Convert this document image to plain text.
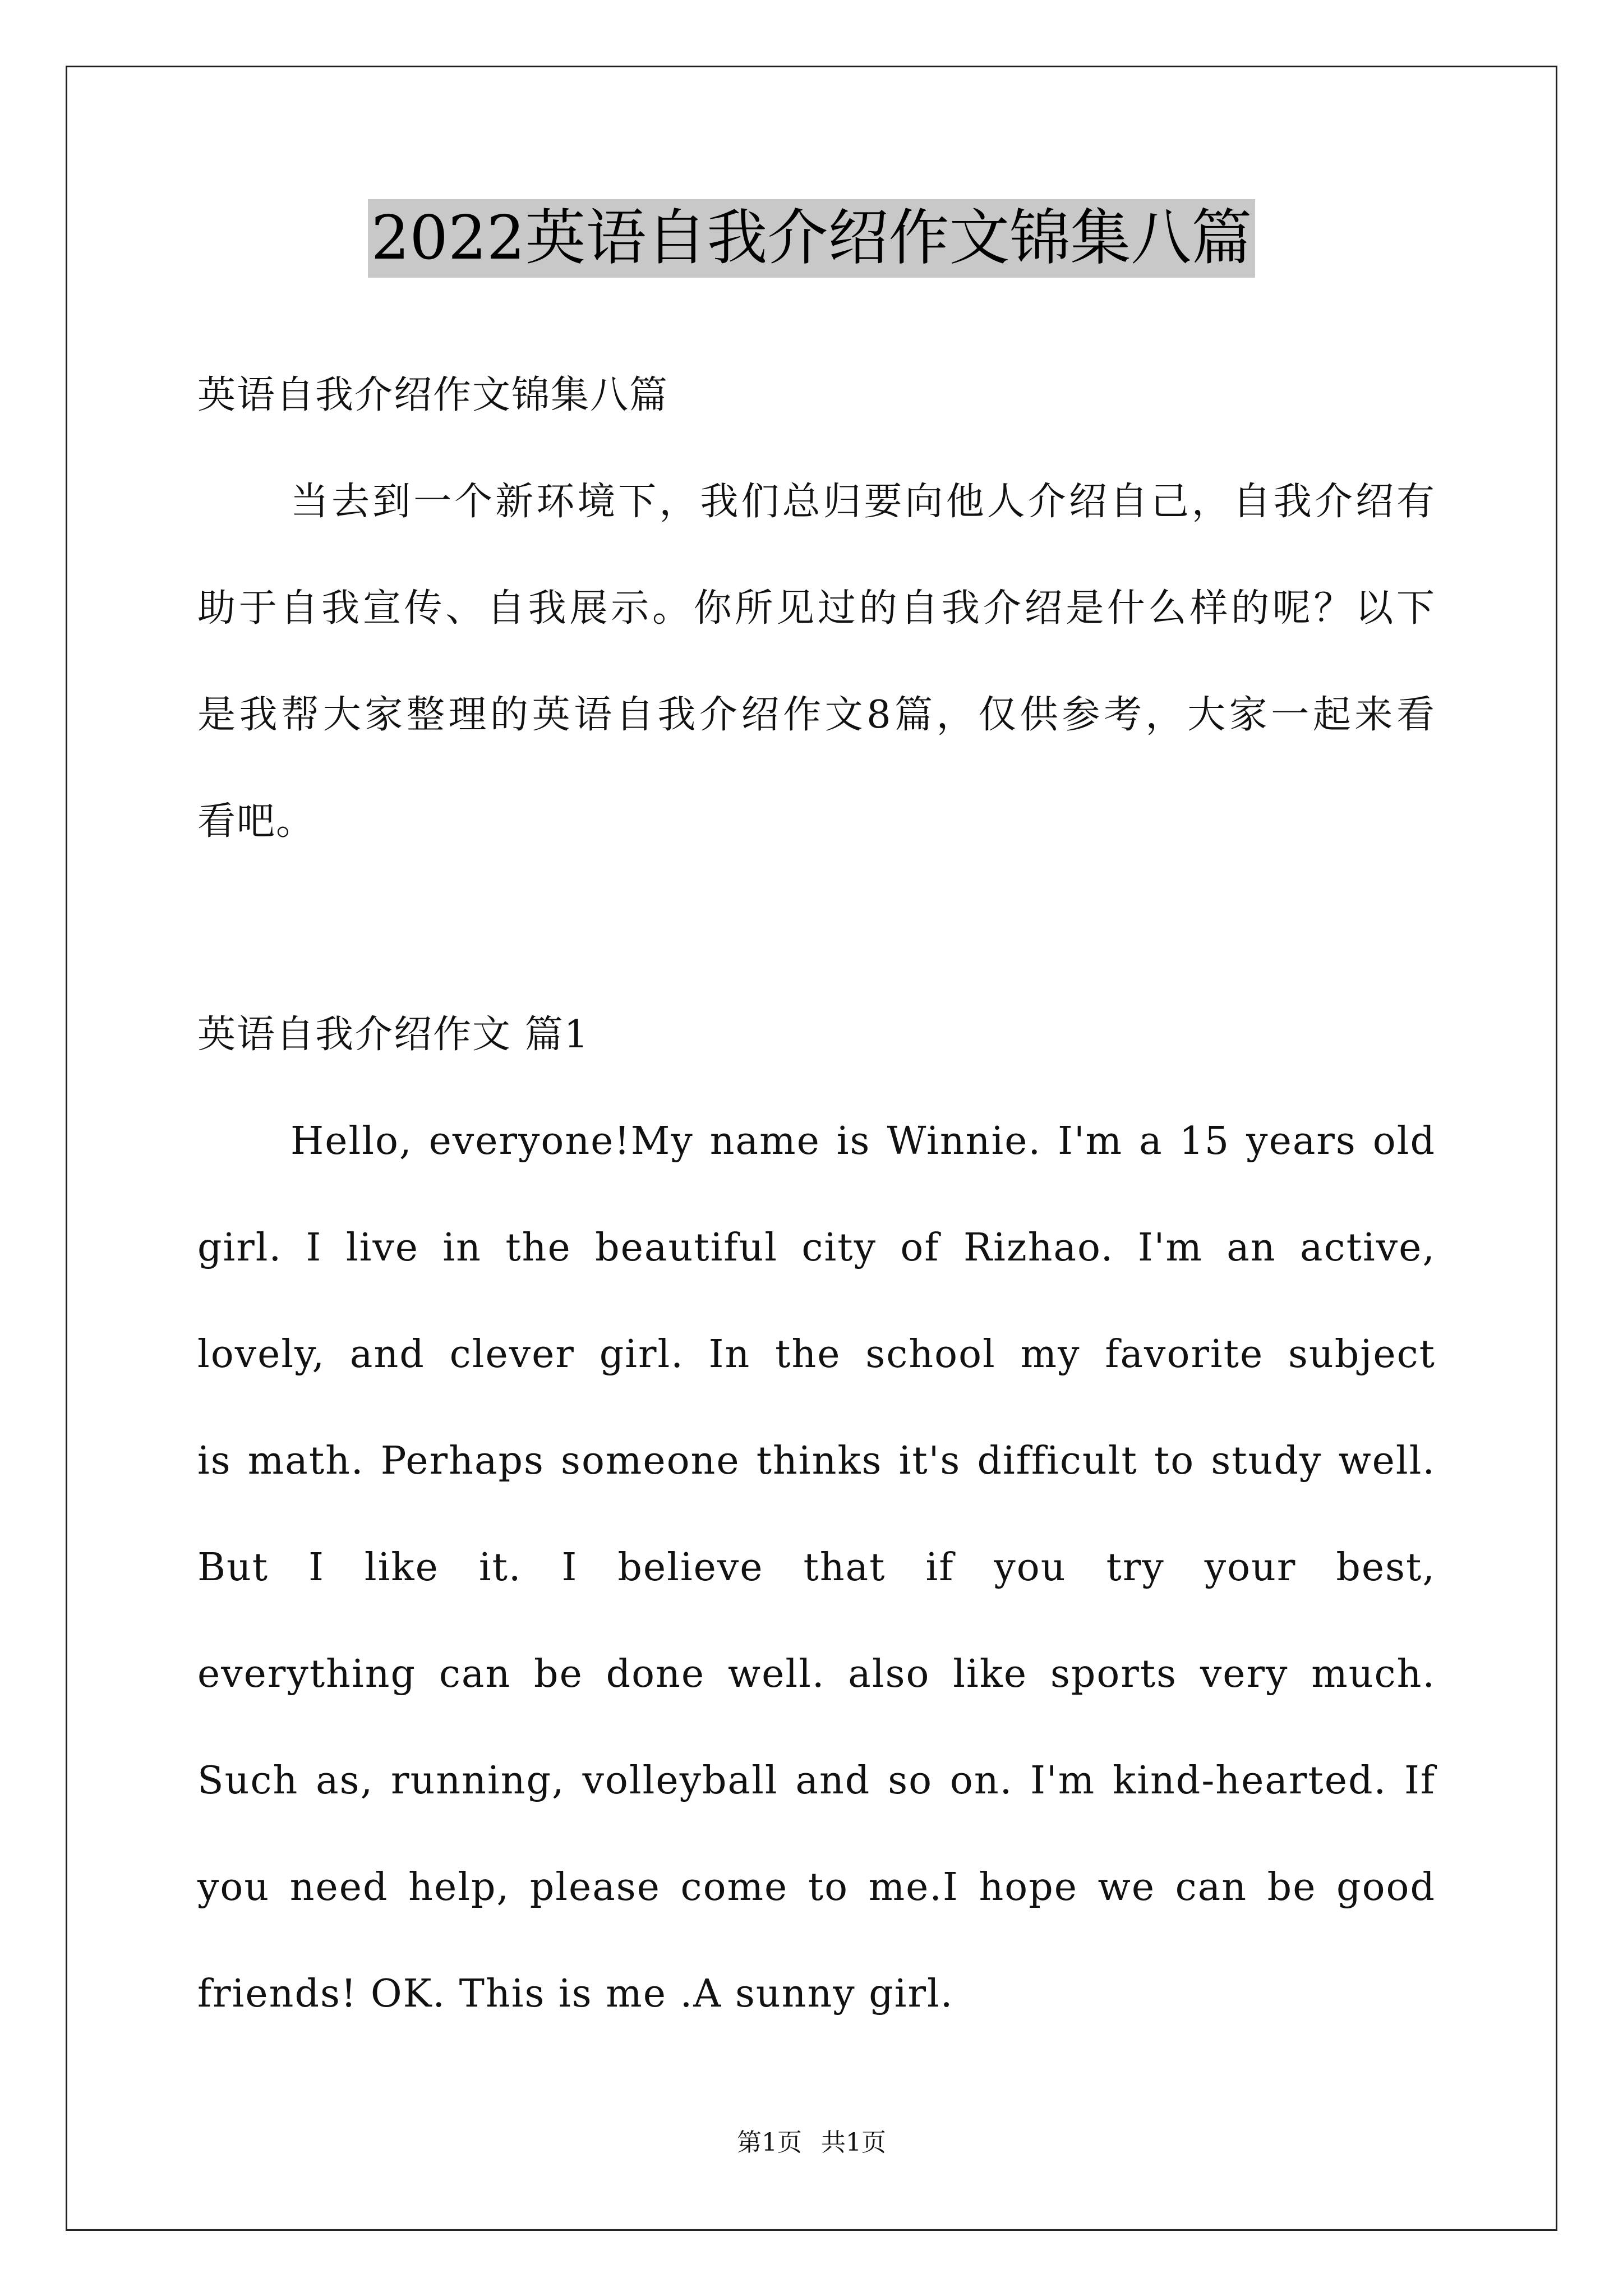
2022英语自我介绍作文锦集八篇
英语自我介绍作文锦集八篇
当去到一个新环境下，我们总归要向他人介绍自己，自我介绍有
助于自我宣传、自我展示。你所见过的自我介绍是什么样的呢？以下
是我帮大家整理的英语自我介绍作文8篇，仅供参考，大家一起来看
看吧。
英语自我介绍作文 篇1
Hello, everyone!My name is Winnie. I'm a 15 years old
girl. I live in the beautiful city of Rizhao. I'm an active,
lovely, and clever girl. In the school my favorite subject
is math. Perhaps someone thinks it's difficult to study well.
But I like it. I believe that if you try your best,
everything can be done well. also like sports very much.
Such as, running, volleyball and so on. I'm kind-hearted. If
you need help, please come to me.I hope we can be good
friends! OK. This is me .A sunny girl.
第1页 共1页
